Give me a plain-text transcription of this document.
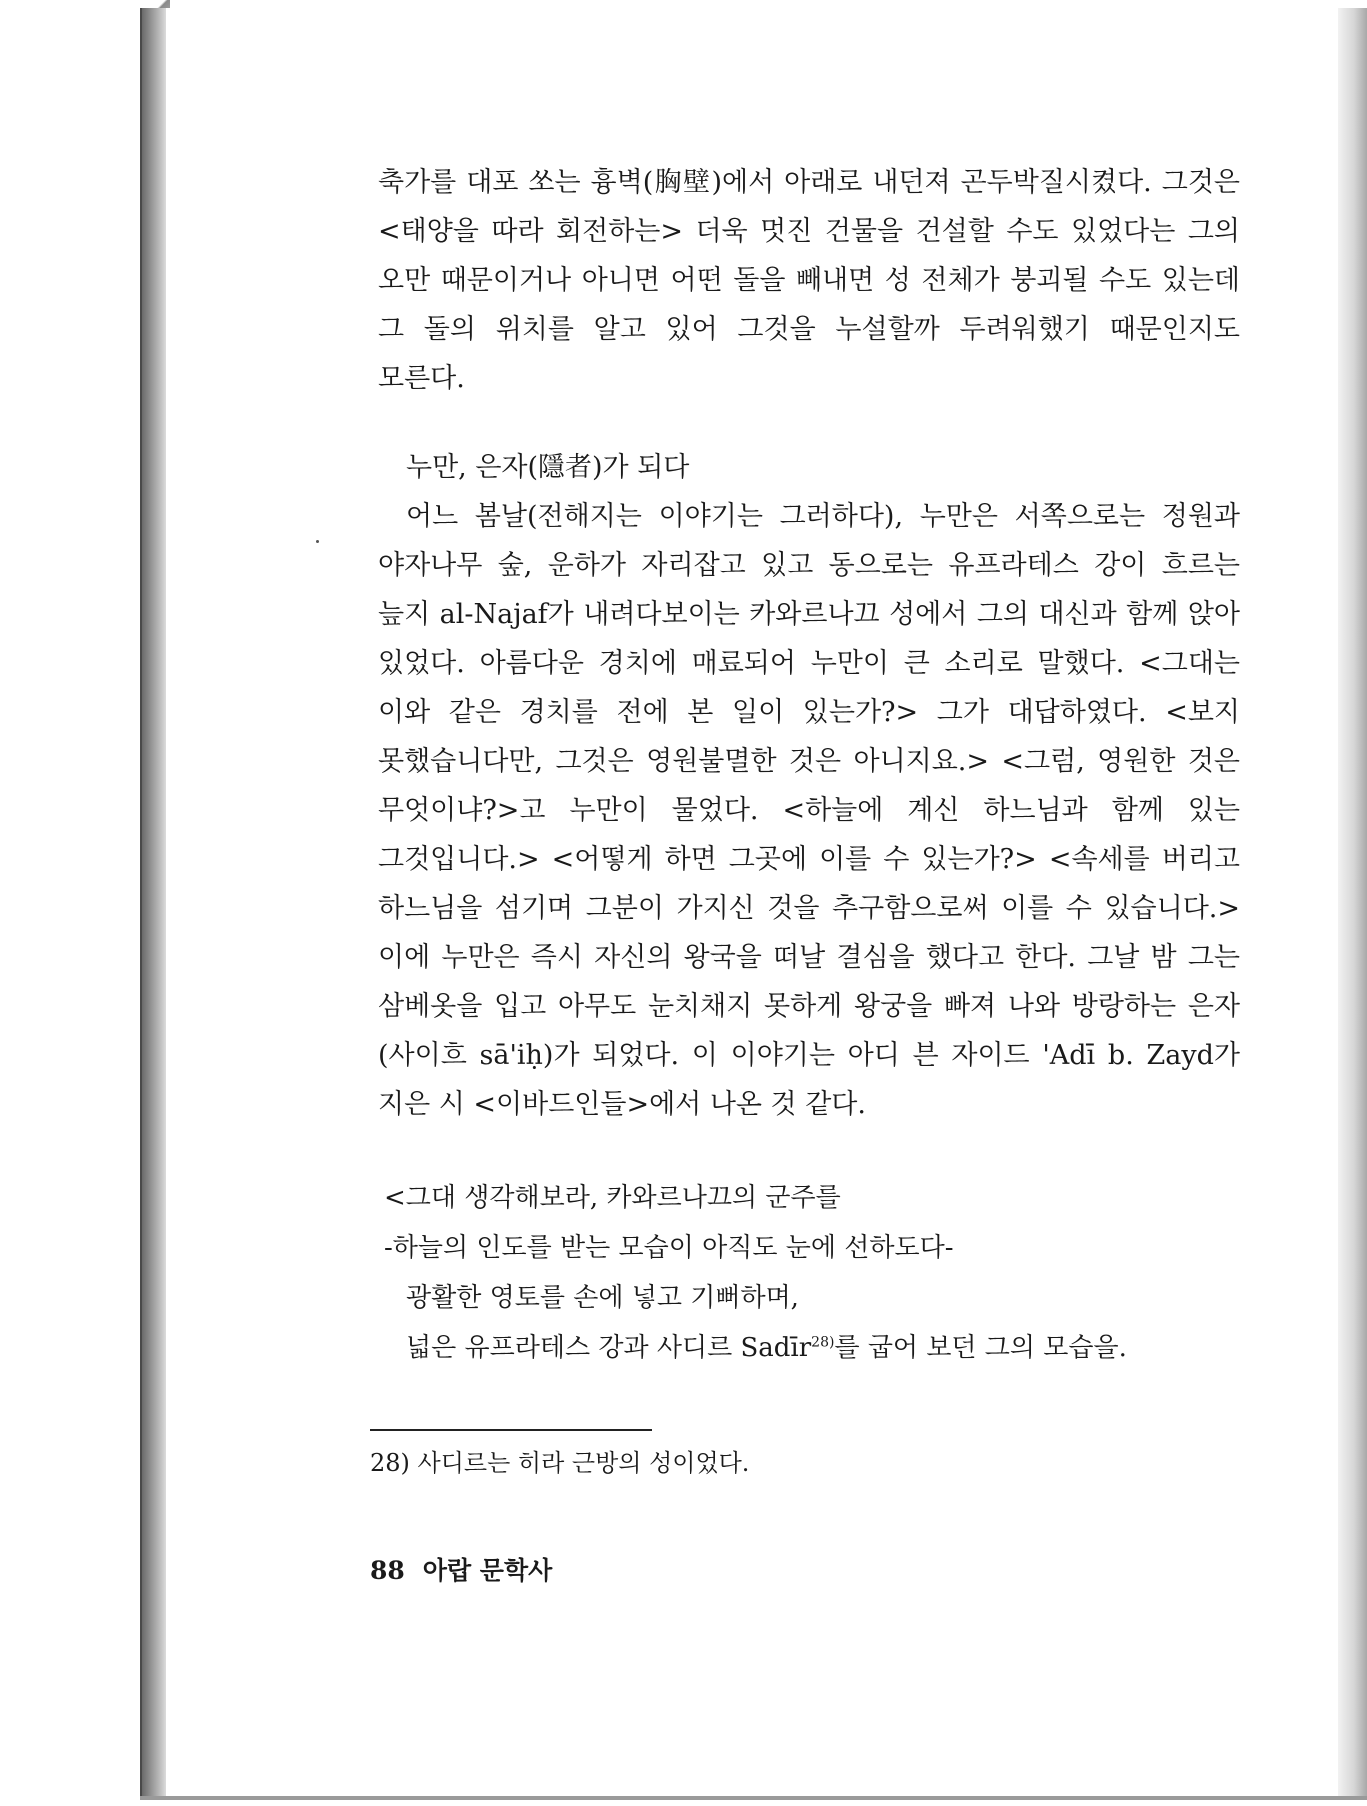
축가를 대포 쏘는 흉벽(胸壁)에서 아래로 내던져 곤두박질시켰다. 그것은 <태양을 따라 회전하는> 더욱 멋진 건물을 건설할 수도 있었다는 그의 오만 때문이거나 아니면 어떤 돌을 빼내면 성 전체가 붕괴될 수도 있는데 그 돌의 위치를 알고 있어 그것을 누설할까 두려워했기 때문인지도 모른다.

누만, 은자(隱者)가 되다

어느 봄날(전해지는 이야기는 그러하다), 누만은 서쪽으로는 정원과 야자나무 숲, 운하가 자리잡고 있고 동으로는 유프라테스 강이 흐르는 늪지 al-Najaf가 내려다보이는 카와르나끄 성에서 그의 대신과 함께 앉아 있었다. 아름다운 경치에 매료되어 누만이 큰 소리로 말했다. <그대는 이와 같은 경치를 전에 본 일이 있는가?> 그가 대답하였다. <보지 못했습니다만, 그것은 영원불멸한 것은 아니지요.> <그럼, 영원한 것은 무엇이냐?>고 누만이 물었다. <하늘에 계신 하느님과 함께 있는 그것입니다.> <어떻게 하면 그곳에 이를 수 있는가?> <속세를 버리고 하느님을 섬기며 그분이 가지신 것을 추구함으로써 이를 수 있습니다.> 이에 누만은 즉시 자신의 왕국을 떠날 결심을 했다고 한다. 그날 밤 그는 삼베옷을 입고 아무도 눈치채지 못하게 왕궁을 빠져 나와 방랑하는 은자(사이흐 sā'iḥ)가 되었다. 이 이야기는 아디 븐 자이드 'Adī b. Zayd가 지은 시 <이바드인들>에서 나온 것 같다.

<그대 생각해보라, 카와르나끄의 군주를

-하늘의 인도를 받는 모습이 아직도 눈에 선하도다-

광활한 영토를 손에 넣고 기뻐하며,

넓은 유프라테스 강과 사디르 Sadīr$^{28)}$를 굽어 보던 그의 모습을.

28) 사디르는 히라 근방의 성이었다.

88 아랍 문학사
